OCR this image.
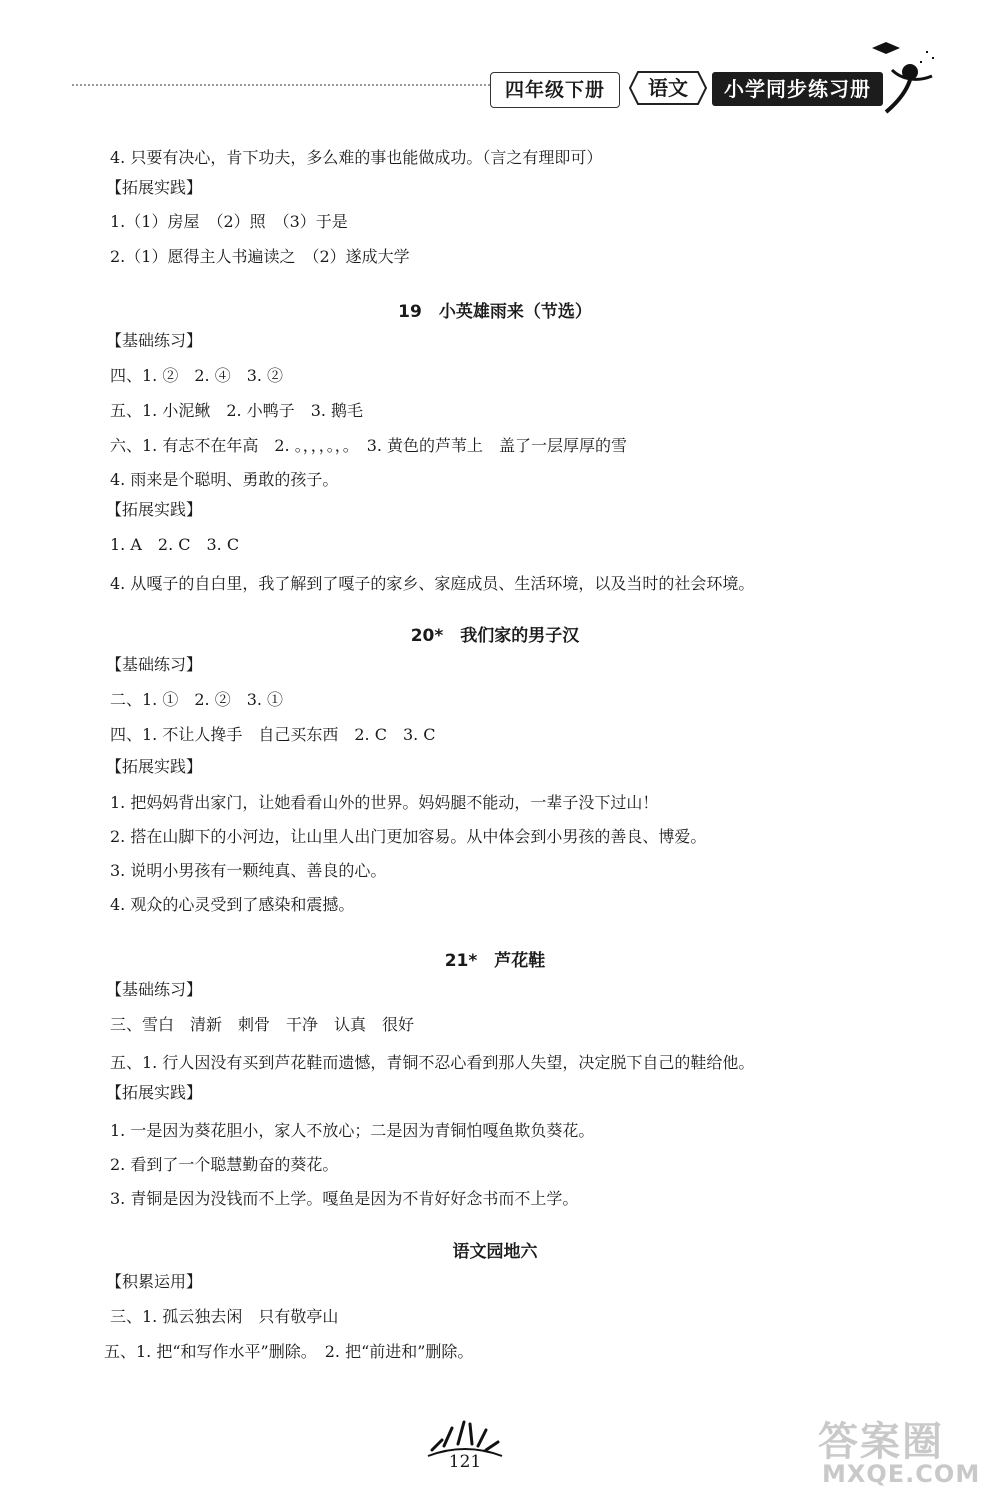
四年级下册	语文	小学同步练习册
4. 只要有决心，肯下功夫，多么难的事也能做成功。（言之有理即可）
【拓展实践】
1.（1）房屋　（2）照　（3）于是
2.（1）愿得主人书遍读之　（2）遂成大学
19　小英雄雨来（节选）
【基础练习】
四、1. ②　2. ④　3. ②
五、1. 小泥鳅　2. 小鸭子　3. 鹅毛
六、1. 有志不在年高　2. 。，，，。，。　3. 黄色的芦苇上　盖了一层厚厚的雪
4. 雨来是个聪明、勇敢的孩子。
【拓展实践】
1. A　2. C　3. C
4. 从嘎子的自白里，我了解到了嘎子的家乡、家庭成员、生活环境，以及当时的社会环境。
20*　我们家的男子汉
【基础练习】
二、1. ①　2. ②　3. ①
四、1. 不让人搀手　自己买东西　2. C　3. C
【拓展实践】
1. 把妈妈背出家门，让她看看山外的世界。妈妈腿不能动，一辈子没下过山！
2. 搭在山脚下的小河边，让山里人出门更加容易。从中体会到小男孩的善良、博爱。
3. 说明小男孩有一颗纯真、善良的心。
4. 观众的心灵受到了感染和震撼。
21*　芦花鞋
【基础练习】
三、雪白　清新　刺骨　干净　认真　很好
五、1. 行人因没有买到芦花鞋而遗憾，青铜不忍心看到那人失望，决定脱下自己的鞋给他。
【拓展实践】
1. 一是因为葵花胆小，家人不放心；二是因为青铜怕嘎鱼欺负葵花。
2. 看到了一个聪慧勤奋的葵花。
3. 青铜是因为没钱而不上学。嘎鱼是因为不肯好好念书而不上学。
语文园地六
【积累运用】
三、1. 孤云独去闲　只有敬亭山
五、1. 把“和写作水平”删除。　2. 把“前进和”删除。
121	答案圈
MXQE.COM
